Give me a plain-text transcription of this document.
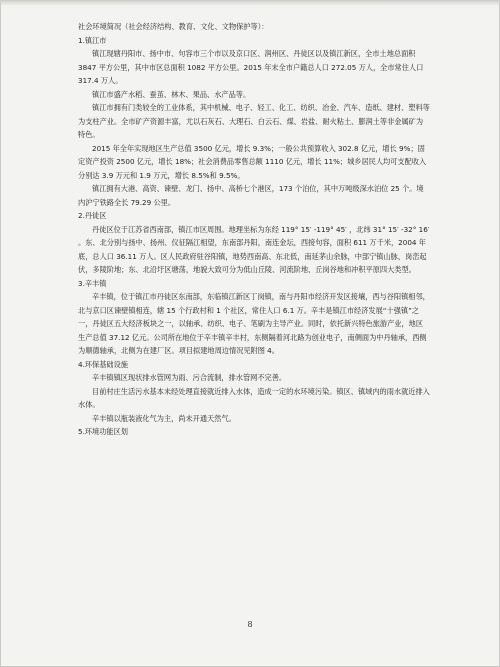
社会环境简况（社会经济结构、教育、文化、文物保护等）：

1.镇江市

镇江现辖丹阳市、扬中市、句容市三个市以及京口区、润州区、丹徒区以及镇江新区，全市土地总面积 3847 平方公里，其中市区总面积 1082 平方公里。2015 年末全市户籍总人口 272.05 万人，全市常住人口 317.4 万人。

镇江市盛产水稻、蚕茧、林木、果品、水产品等。

镇江市拥有门类较全的工业体系，其中机械、电子、轻工、化工、纺织、冶金、汽车、造纸、建材、塑料等为支柱产业。全市矿产资源丰富，尤以石灰石、大理石、白云石、煤、岩盐、耐火粘土、膨润土等非金属矿为特色。

2015 年全年实现地区生产总值 3500 亿元，增长 9.3%；一般公共预算收入 302.8 亿元，增长 9%；固定资产投资 2500 亿元，增长 18%；社会消费品零售总额 1110 亿元，增长 11%；城乡居民人均可支配收入分别达 3.9 万元和 1.9 万元，增长 8.5%和 9.5%。

镇江拥有大港、高资、谏壁、龙门、扬中、高桥七个港区，173 个泊位，其中万吨级深水泊位 25 个。境内沪宁铁路全长 79.29 公里。

2.丹徒区

丹徒区位于江苏省西南部，镇江市区周围。地理坐标为东经 119° 15′ -119° 45′ ，北纬 31° 15′ -32° 16′ 。东、北分别与扬中、扬州、仪征隔江相望，东南部丹阳，南连金坛，西接句容，面积 611 万千米，2004 年底，总人口 36.11 万人。区人民政府驻谷阳镇，地势西南高、东北低，南延茅山余脉，中部宁镇山脉，岗峦起伏，多陵阶地；东、北沿圩区塘荡，地貌大致可分为低山丘陵、河流阶地、丘岗谷地和冲积平原四大类型。

3.辛丰镇

辛丰镇，位于镇江市丹徒区东南部，东临镇江新区丁岗镇，南与丹阳市经济开发区接壤，西与谷阳镇相邻，北与京口区谏壁镇相连，辖 15 个行政村和 1 个社区，常住人口 6.1 万。辛丰是镇江市经济发展“十强镇”之一，丹徒区五大经济板块之一，以轴承、纺织、电子、笔刷为主导产业。同时，依托新兴特色旅游产业，地区生产总值 37.12 亿元。公司所在地位于辛丰镇辛丰村，东侧隔着河北路为创业电子，南侧面为中丹轴承，西侧为顺德轴承，北侧为在建厂区。项目拟建地周边情况见附图 4。

4.环保基础设施

辛丰镇镇区现状排水管网为雨、污合流制，排水管网不完善。

目前村庄生活污水基本未经处理直接就近排入水体，造成一定的水环境污染。镇区、镇域内的雨水就近排入水体。

辛丰镇以瓶装液化气为主，尚未开通天然气。

5.环境功能区划

8
